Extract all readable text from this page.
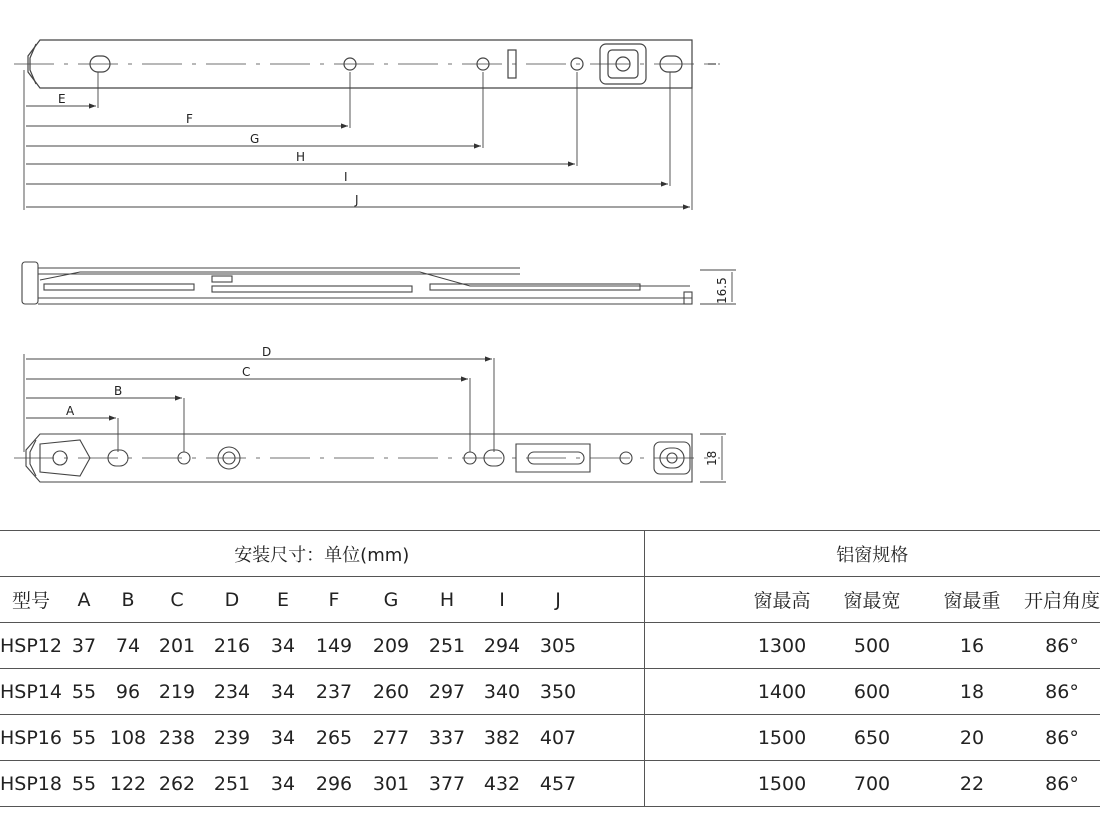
E
F
G
H
I
J
16.5
D
C
B
A
18
安装尺寸：单位(mm)												铝窗规格				
型号	A	B	C	D	E	F	G	H	I	J			窗最高	窗最宽	窗最重	开启角度
HSP12	37	74	201	216	34	149	209	251	294	305			1300	500	16	86°
HSP14	55	96	219	234	34	237	260	297	340	350			1400	600	18	86°
HSP16	55	108	238	239	34	265	277	337	382	407			1500	650	20	86°
HSP18	55	122	262	251	34	296	301	377	432	457			1500	700	22	86°
